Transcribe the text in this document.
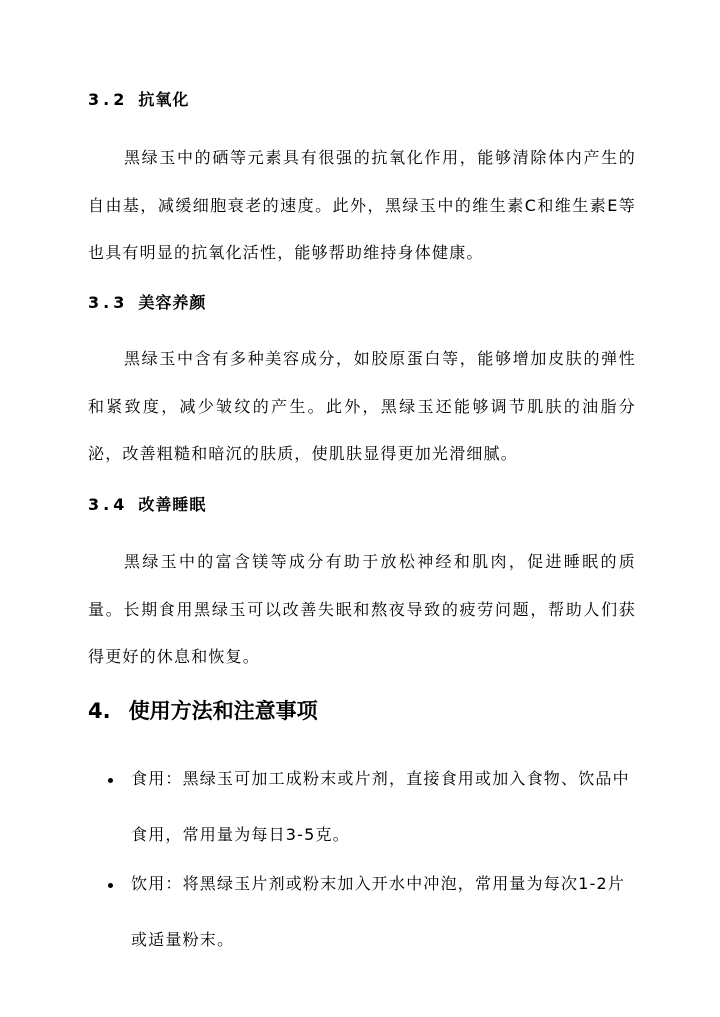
3.2 抗氧化
黑绿玉中的硒等元素具有很强的抗氧化作用，能够清除体内产生的自由基，减缓细胞衰老的速度。此外，黑绿玉中的维生素C和维生素E等也具有明显的抗氧化活性，能够帮助维持身体健康。
3.3 美容养颜
黑绿玉中含有多种美容成分，如胶原蛋白等，能够增加皮肤的弹性和紧致度，减少皱纹的产生。此外，黑绿玉还能够调节肌肤的油脂分泌，改善粗糙和暗沉的肤质，使肌肤显得更加光滑细腻。
3.4 改善睡眠
黑绿玉中的富含镁等成分有助于放松神经和肌肉，促进睡眠的质量。长期食用黑绿玉可以改善失眠和熬夜导致的疲劳问题，帮助人们获得更好的休息和恢复。
4. 使用方法和注意事项
食用：黑绿玉可加工成粉末或片剂，直接食用或加入食物、饮品中食用，常用量为每日3-5克。
饮用：将黑绿玉片剂或粉末加入开水中冲泡，常用量为每次1-2片或适量粉末。
